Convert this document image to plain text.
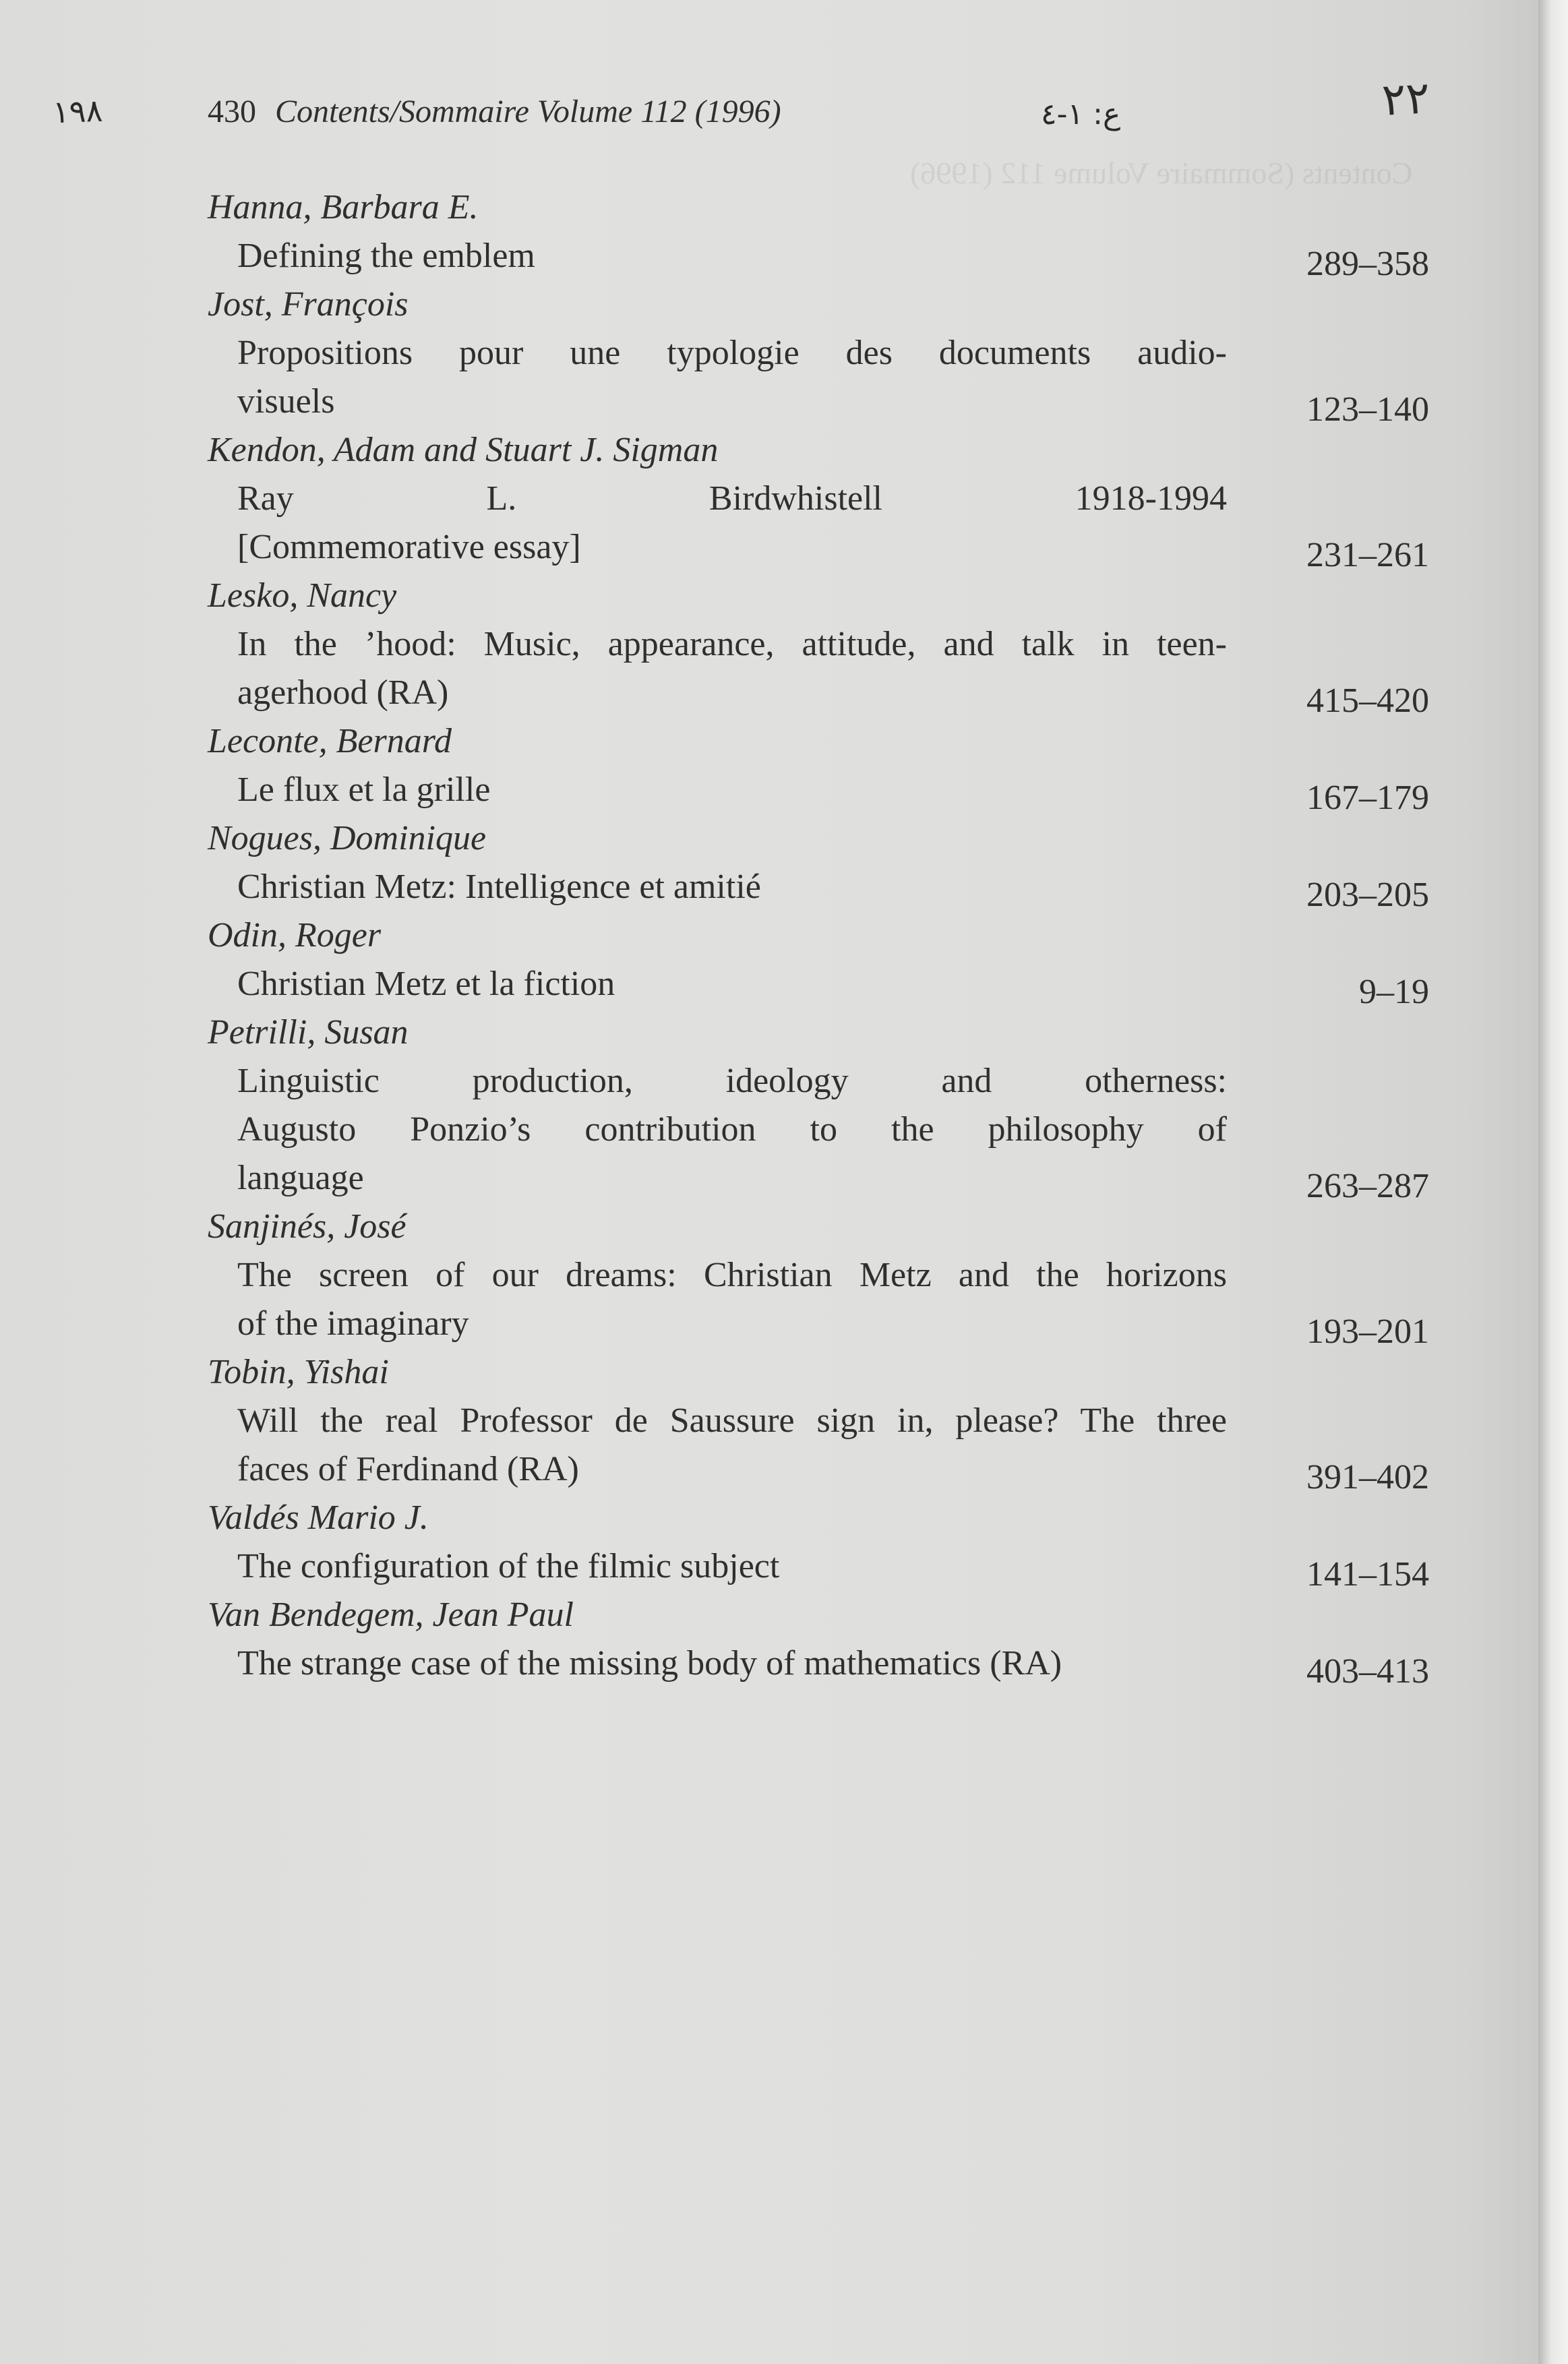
Contents (Sommaire Volume 112 (1996)
١٩٨	ع: ١-٤	٢٢
430 Contents/Sommaire Volume 112 (1996)
Hanna, Barbara E.
Defining the emblem	289–358
Jost, François
Propositions pour une typologie des documents audio-
visuels	123–140
Kendon, Adam and Stuart J. Sigman
Ray L. Birdwhistell 1918-1994
[Commemorative essay]	231–261
Lesko, Nancy
In the ’hood: Music, appearance, attitude, and talk in teen-
agerhood (RA)	415–420
Leconte, Bernard
Le flux et la grille	167–179
Nogues, Dominique
Christian Metz: Intelligence et amitié	203–205
Odin, Roger
Christian Metz et la fiction	9–19
Petrilli, Susan
Linguistic production, ideology and otherness:
Augusto Ponzio’s contribution to the philosophy of
language	263–287
Sanjinés, José
The screen of our dreams: Christian Metz and the horizons
of the imaginary	193–201
Tobin, Yishai
Will the real Professor de Saussure sign in, please? The three
faces of Ferdinand (RA)	391–402
Valdés Mario J.
The configuration of the filmic subject	141–154
Van Bendegem, Jean Paul
The strange case of the missing body of mathematics (RA)	403–413
